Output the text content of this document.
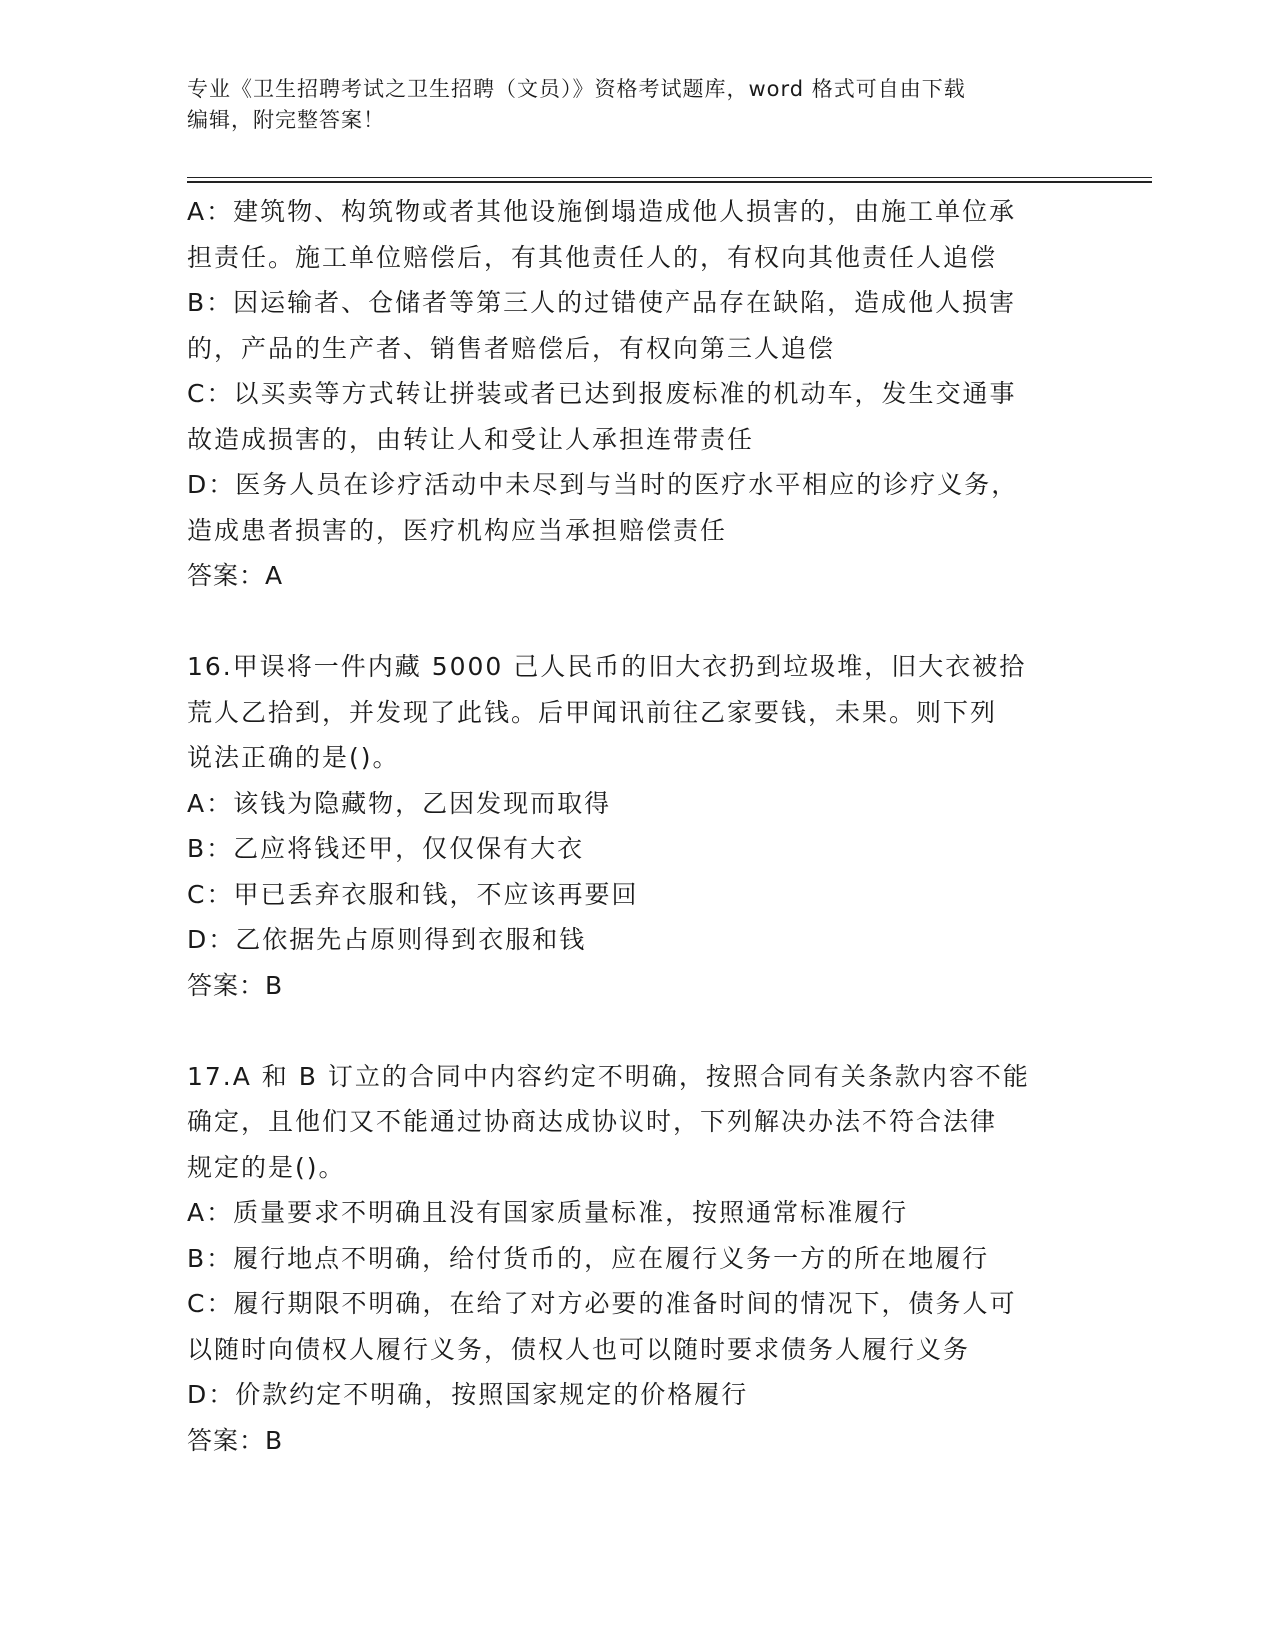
专业《卫生招聘考试之卫生招聘（文员）》资格考试题库，word 格式可自由下载
编辑，附完整答案！
A：建筑物、构筑物或者其他设施倒塌造成他人损害的，由施工单位承
担责任。施工单位赔偿后，有其他责任人的，有权向其他责任人追偿
B：因运输者、仓储者等第三人的过错使产品存在缺陷，造成他人损害
的，产品的生产者、销售者赔偿后，有权向第三人追偿
C：以买卖等方式转让拼装或者已达到报废标准的机动车，发生交通事
故造成损害的，由转让人和受让人承担连带责任
D：医务人员在诊疗活动中未尽到与当时的医疗水平相应的诊疗义务，
造成患者损害的，医疗机构应当承担赔偿责任
答案：A
16.甲误将一件内藏 5000 己人民币的旧大衣扔到垃圾堆，旧大衣被拾
荒人乙拾到，并发现了此钱。后甲闻讯前往乙家要钱，未果。则下列
说法正确的是()。
A：该钱为隐藏物，乙因发现而取得
B：乙应将钱还甲，仅仅保有大衣
C：甲已丢弃衣服和钱，不应该再要回
D：乙依据先占原则得到衣服和钱
答案：B
17.A 和 B 订立的合同中内容约定不明确，按照合同有关条款内容不能
确定，且他们又不能通过协商达成协议时，下列解决办法不符合法律
规定的是()。
A：质量要求不明确且没有国家质量标准，按照通常标准履行
B：履行地点不明确，给付货币的，应在履行义务一方的所在地履行
C：履行期限不明确，在给了对方必要的准备时间的情况下，债务人可
以随时向债权人履行义务，债权人也可以随时要求债务人履行义务
D：价款约定不明确，按照国家规定的价格履行
答案：B
